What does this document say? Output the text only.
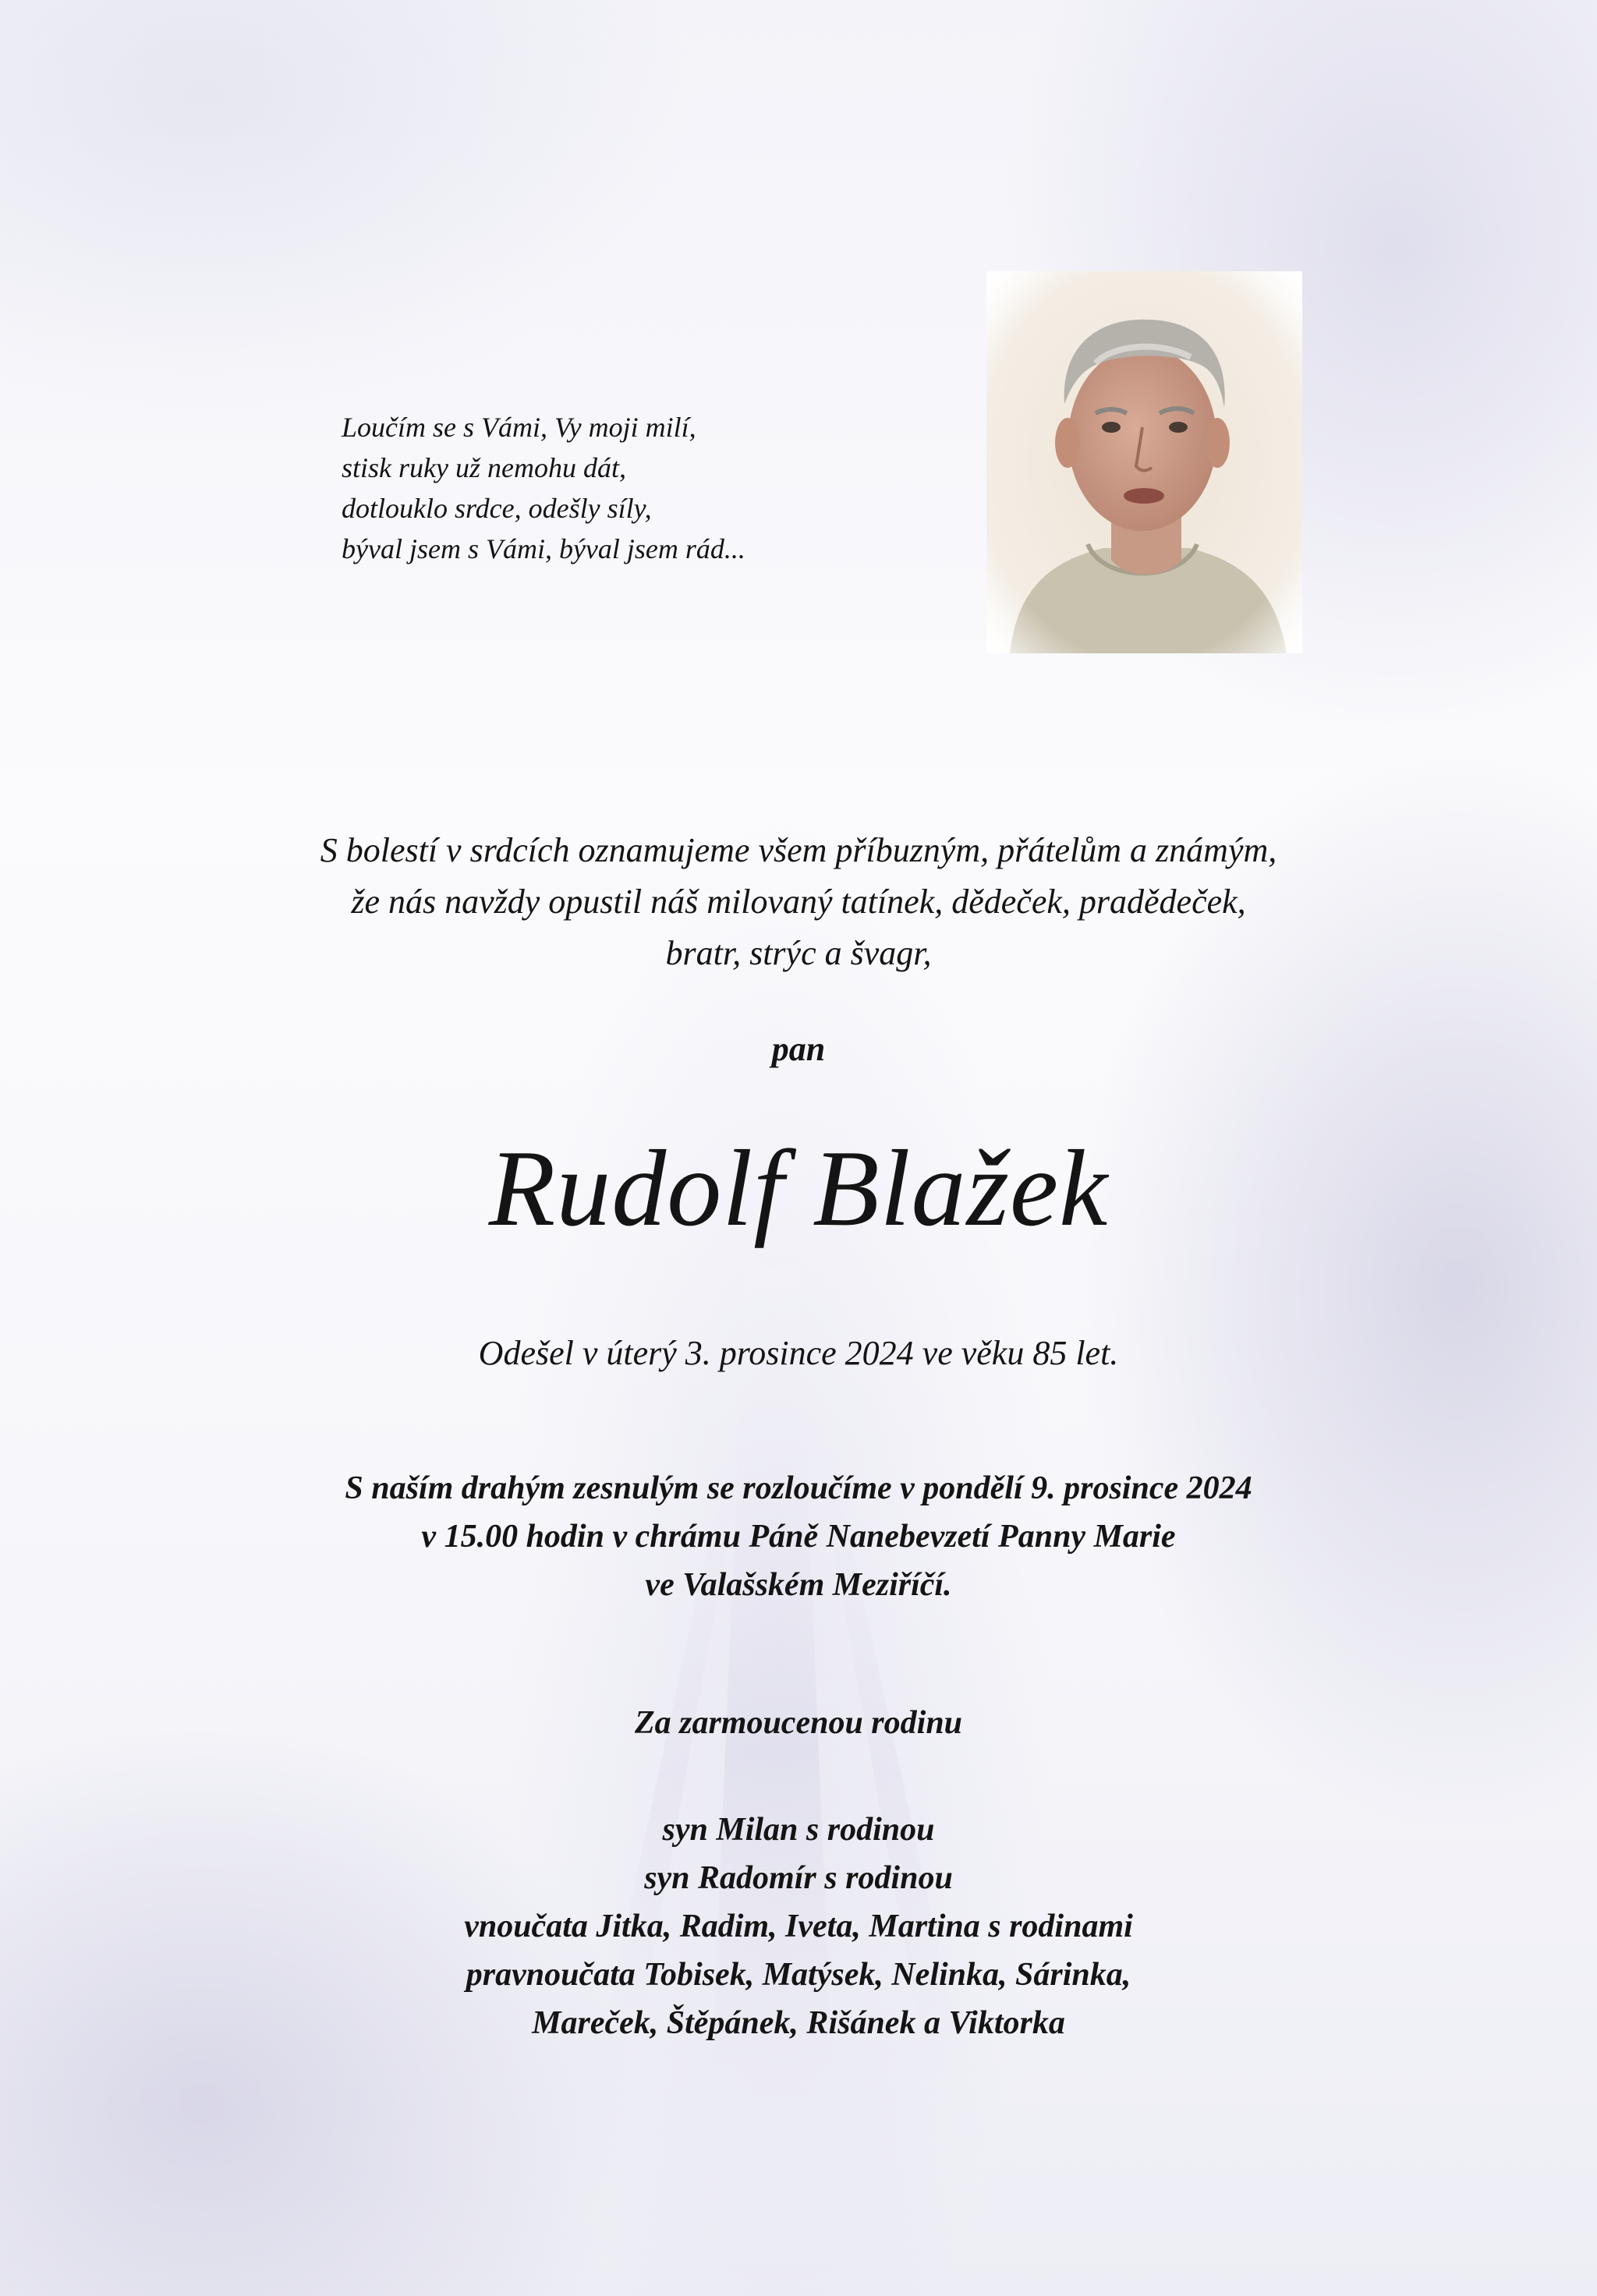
Loučím se s Vámi, Vy moji milí,
stisk ruky už nemohu dát,
dotlouklo srdce, odešly síly,
býval jsem s Vámi, býval jsem rád...
S bolestí v srdcích oznamujeme všem příbuzným, přátelům a známým,
že nás navždy opustil náš milovaný tatínek, dědeček, pradědeček,
bratr, strýc a švagr,
pan
Rudolf Blažek
Odešel v úterý 3. prosince 2024 ve věku 85 let.
S naším drahým zesnulým se rozloučíme v pondělí 9. prosince 2024
v 15.00 hodin v chrámu Páně Nanebevzetí Panny Marie
ve Valašském Meziříčí.
Za zarmoucenou rodinu
syn Milan s rodinou
syn Radomír s rodinou
vnoučata Jitka, Radim, Iveta, Martina s rodinami
pravnoučata Tobisek, Matýsek, Nelinka, Sárinka,
Mareček, Štěpánek, Rišánek a Viktorka
